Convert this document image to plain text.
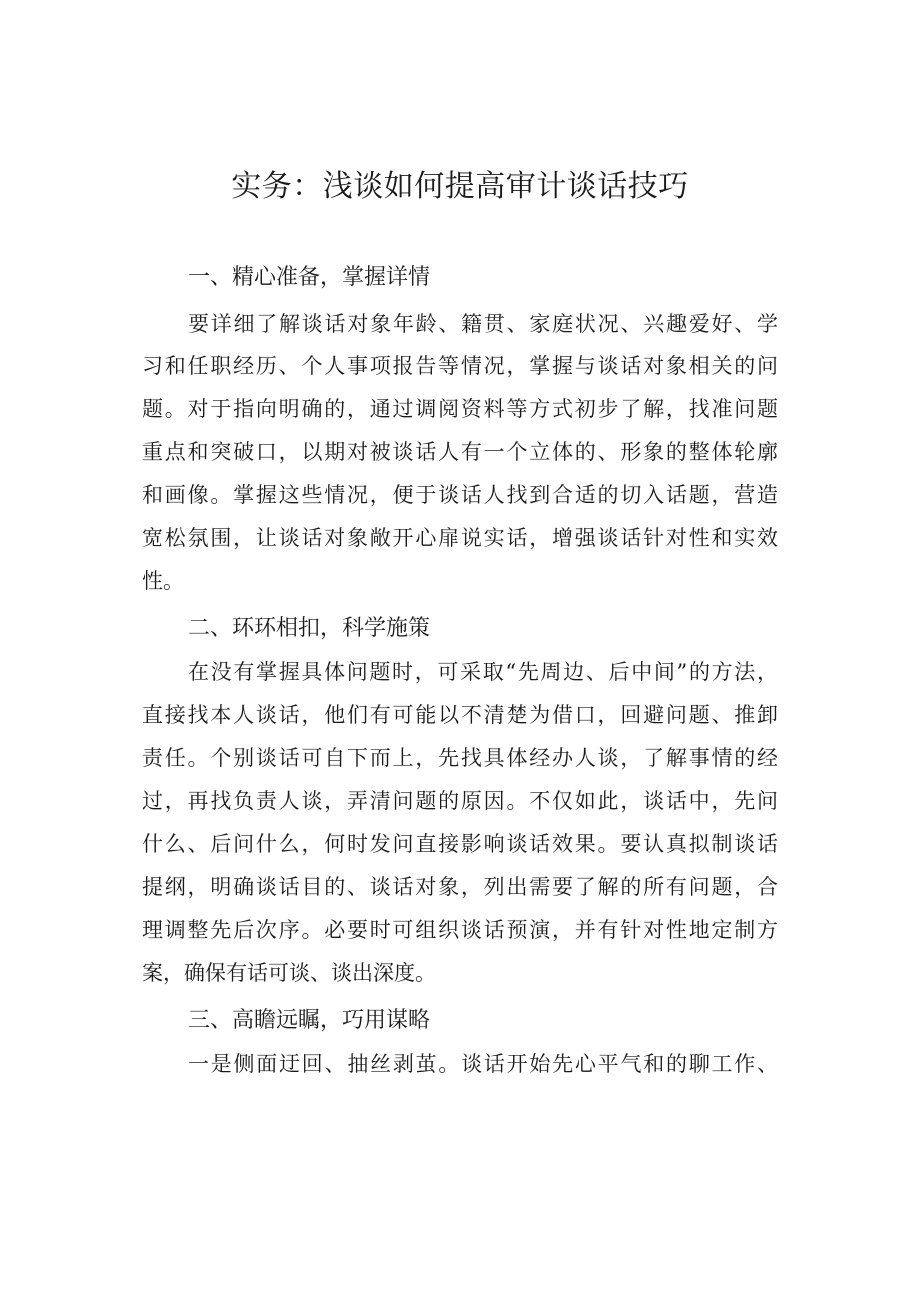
实务：浅谈如何提高审计谈话技巧
一、精心准备，掌握详情

要详细了解谈话对象年龄、籍贯、家庭状况、兴趣爱好、学

习和任职经历、个人事项报告等情况，掌握与谈话对象相关的问

题。对于指向明确的，通过调阅资料等方式初步了解，找准问题

重点和突破口，以期对被谈话人有一个立体的、形象的整体轮廓

和画像。掌握这些情况，便于谈话人找到合适的切入话题，营造

宽松氛围，让谈话对象敞开心扉说实话，增强谈话针对性和实效

性。

二、环环相扣，科学施策

在没有掌握具体问题时，可采取“先周边、后中间”的方法，

直接找本人谈话，他们有可能以不清楚为借口，回避问题、推卸

责任。个别谈话可自下而上，先找具体经办人谈，了解事情的经

过，再找负责人谈，弄清问题的原因。不仅如此，谈话中，先问

什么、后问什么，何时发问直接影响谈话效果。要认真拟制谈话

提纲，明确谈话目的、谈话对象，列出需要了解的所有问题，合

理调整先后次序。必要时可组织谈话预演，并有针对性地定制方

案，确保有话可谈、谈出深度。

三、高瞻远瞩，巧用谋略

一是侧面迂回、抽丝剥茧。谈话开始先心平气和的聊工作、
